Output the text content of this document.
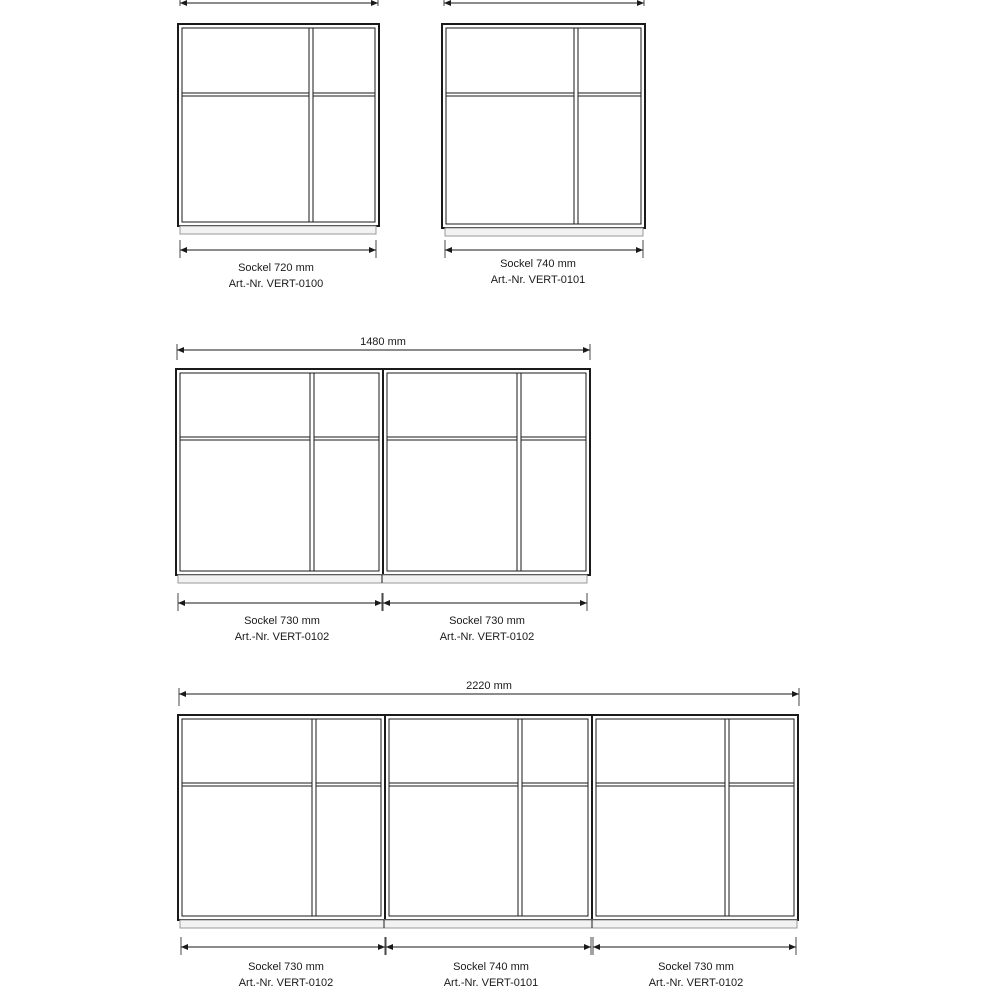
Sockel 720 mm
Art.-Nr. VERT-0100
Sockel 740 mm
Art.-Nr. VERT-0101
1480 mm
Sockel 730 mm
Art.-Nr. VERT-0102
Sockel 730 mm
Art.-Nr. VERT-0102
2220 mm
Sockel 730 mm
Art.-Nr. VERT-0102
Sockel 740 mm
Art.-Nr. VERT-0101
Sockel 730 mm
Art.-Nr. VERT-0102
